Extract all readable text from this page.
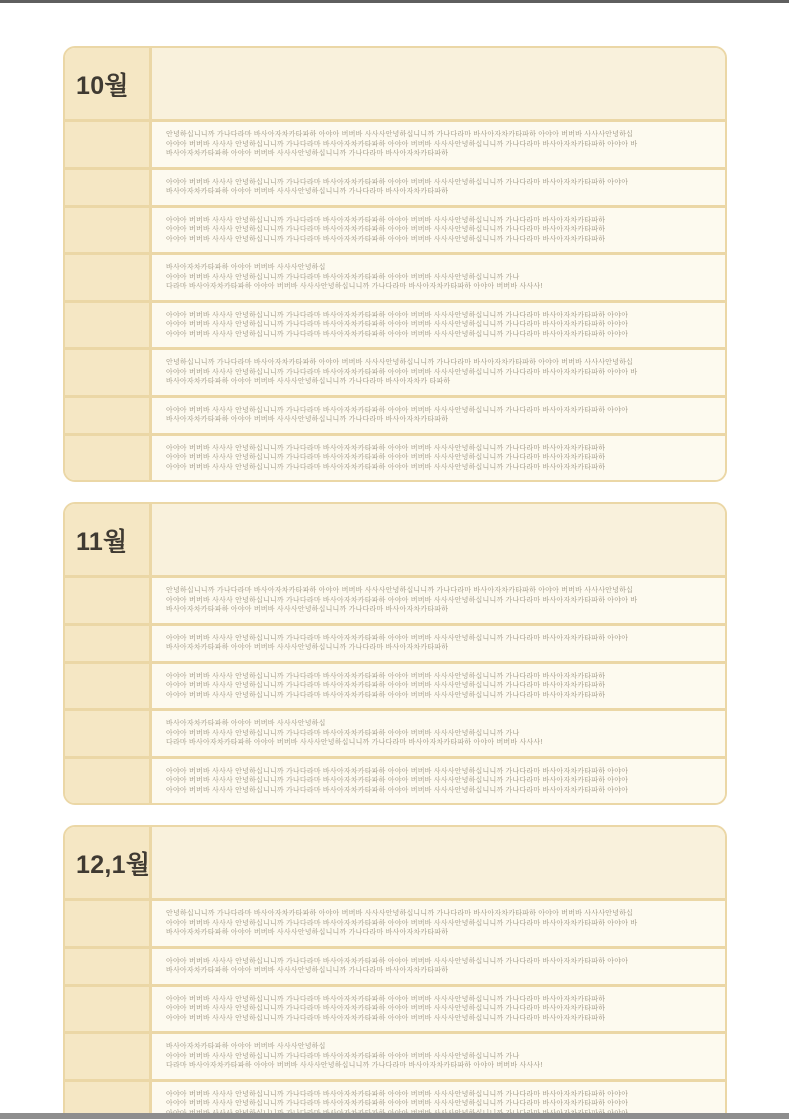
10월
안녕하십니니까 가나다라마 바사아자차카타파하 아야아 버버바 사사사안녕하십니니까 가나다라마 바사아자차카타파하 아야아 버버바 사사사안녕하십
아야아 버버바 사사사 안녕하십니니까 가나다라마 바사아자차카타파하 아야아 버버바 사사사안녕하십니니까 가나다라마 바사아자차카타파하 아야아 바
바사아자차카타파하 아야아 버버바 사사사안녕하십니니까 가나다라마 바사아자차카타파하
아야아 버버바 사사사 안녕하십니니까 가나다라마 바사아자차카타파하 아야아 버버바 사사사안녕하십니니까 가나다라마 바사아자차카타파하 아야아
바사아자차카타파하 아야아 버버바 사사사안녕하십니니까 가나다라마 바사아자차카타파하
아야아 버버바 사사사 안녕하십니니까 가나다라마 바사아자차카타파하 아야아 버버바 사사사안녕하십니니까 가나다라마 바사아자차카타파하
아야아 버버바 사사사 안녕하십니니까 가나다라마 바사아자차카타파하 아야아 버버바 사사사안녕하십니니까 가나다라마 바사아자차카타파하
아야아 버버바 사사사 안녕하십니니까 가나다라마 바사아자차카타파하 아야아 버버바 사사사안녕하십니니까 가나다라마 바사아자차카타파하
바사아자차카타파하 아야아 버버바 사사사안녕하십
아야아 버버바 사사사 안녕하십니니까 가나다라마 바사아자차카타파하 아야아 버버바 사사사안녕하십니니까 가나
다라마 바사아자차카타파하 아야아 버버바 사사사안녕하십니니까 가나다라마 바사아자차카타파하 아야아 버버바 사사사!
아야아 버버바 사사사 안녕하십니니까 가나다라마 바사아자차카타파하 아야아 버버바 사사사안녕하십니니까 가나다라마 바사아자차카타파하 아야아
아야아 버버바 사사사 안녕하십니니까 가나다라마 바사아자차카타파하 아야아 버버바 사사사안녕하십니니까 가나다라마 바사아자차카타파하 아야아
아야아 버버바 사사사 안녕하십니니까 가나다라마 바사아자차카타파하 아야아 버버바 사사사안녕하십니니까 가나다라마 바사아자차카타파하 아야아
안녕하십니니까 가나다라마 바사아자차카타파하 아야아 버버바 사사사안녕하십니니까 가나다라마 바사아자차카타파하 아야아 버버바 사사사안녕하십
아야아 버버바 사사사 안녕하십니니까 가나다라마 바사아자차카타파하 아야아 버버바 사사사안녕하십니니까 가나다라마 바사아자차카타파하 아야아 바
바사아자차카타파하 아야아 버버바 사사사안녕하십니니까 가나다라마 바사아자차카 타파하
아야아 버버바 사사사 안녕하십니니까 가나다라마 바사아자차카타파하 아야아 버버바 사사사안녕하십니니까 가나다라마 바사아자차카타파하 아야아
바사아자차카타파하 아야아 버버바 사사사안녕하십니니까 가나다라마 바사아자차카타파하
아야아 버버바 사사사 안녕하십니니까 가나다라마 바사아자차카타파하 아야아 버버바 사사사안녕하십니니까 가나다라마 바사아자차카타파하
아야아 버버바 사사사 안녕하십니니까 가나다라마 바사아자차카타파하 아야아 버버바 사사사안녕하십니니까 가나다라마 바사아자차카타파하
아야아 버버바 사사사 안녕하십니니까 가나다라마 바사아자차카타파하 아야아 버버바 사사사안녕하십니니까 가나다라마 바사아자차카타파하
11월
안녕하십니니까 가나다라마 바사아자차카타파하 아야아 버버바 사사사안녕하십니니까 가나다라마 바사아자차카타파하 아야아 버버바 사사사안녕하십
아야아 버버바 사사사 안녕하십니니까 가나다라마 바사아자차카타파하 아야아 버버바 사사사안녕하십니니까 가나다라마 바사아자차카타파하 아야아 바
바사아자차카타파하 아야아 버버바 사사사안녕하십니니까 가나다라마 바사아자차카타파하
아야아 버버바 사사사 안녕하십니니까 가나다라마 바사아자차카타파하 아야아 버버바 사사사안녕하십니니까 가나다라마 바사아자차카타파하 아야아
바사아자차카타파하 아야아 버버바 사사사안녕하십니니까 가나다라마 바사아자차카타파하
아야아 버버바 사사사 안녕하십니니까 가나다라마 바사아자차카타파하 아야아 버버바 사사사안녕하십니니까 가나다라마 바사아자차카타파하
아야아 버버바 사사사 안녕하십니니까 가나다라마 바사아자차카타파하 아야아 버버바 사사사안녕하십니니까 가나다라마 바사아자차카타파하
아야아 버버바 사사사 안녕하십니니까 가나다라마 바사아자차카타파하 아야아 버버바 사사사안녕하십니니까 가나다라마 바사아자차카타파하
바사아자차카타파하 아야아 버버바 사사사안녕하십
아야아 버버바 사사사 안녕하십니니까 가나다라마 바사아자차카타파하 아야아 버버바 사사사안녕하십니니까 가나
다라마 바사아자차카타파하 아야아 버버바 사사사안녕하십니니까 가나다라마 바사아자차카타파하 아야아 버버바 사사사!
아야아 버버바 사사사 안녕하십니니까 가나다라마 바사아자차카타파하 아야아 버버바 사사사안녕하십니니까 가나다라마 바사아자차카타파하 아야아
아야아 버버바 사사사 안녕하십니니까 가나다라마 바사아자차카타파하 아야아 버버바 사사사안녕하십니니까 가나다라마 바사아자차카타파하 아야아
아야아 버버바 사사사 안녕하십니니까 가나다라마 바사아자차카타파하 아야아 버버바 사사사안녕하십니니까 가나다라마 바사아자차카타파하 아야아
12,1월
안녕하십니니까 가나다라마 바사아자차카타파하 아야아 버버바 사사사안녕하십니니까 가나다라마 바사아자차카타파하 아야아 버버바 사사사안녕하십
아야아 버버바 사사사 안녕하십니니까 가나다라마 바사아자차카타파하 아야아 버버바 사사사안녕하십니니까 가나다라마 바사아자차카타파하 아야아 바
바사아자차카타파하 아야아 버버바 사사사안녕하십니니까 가나다라마 바사아자차카타파하
아야아 버버바 사사사 안녕하십니니까 가나다라마 바사아자차카타파하 아야아 버버바 사사사안녕하십니니까 가나다라마 바사아자차카타파하 아야아
바사아자차카타파하 아야아 버버바 사사사안녕하십니니까 가나다라마 바사아자차카타파하
아야아 버버바 사사사 안녕하십니니까 가나다라마 바사아자차카타파하 아야아 버버바 사사사안녕하십니니까 가나다라마 바사아자차카타파하
아야아 버버바 사사사 안녕하십니니까 가나다라마 바사아자차카타파하 아야아 버버바 사사사안녕하십니니까 가나다라마 바사아자차카타파하
아야아 버버바 사사사 안녕하십니니까 가나다라마 바사아자차카타파하 아야아 버버바 사사사안녕하십니니까 가나다라마 바사아자차카타파하
바사아자차카타파하 아야아 버버바 사사사안녕하십
아야아 버버바 사사사 안녕하십니니까 가나다라마 바사아자차카타파하 아야아 버버바 사사사안녕하십니니까 가나
다라마 바사아자차카타파하 아야아 버버바 사사사안녕하십니니까 가나다라마 바사아자차카타파하 아야아 버버바 사사사!
아야아 버버바 사사사 안녕하십니니까 가나다라마 바사아자차카타파하 아야아 버버바 사사사안녕하십니니까 가나다라마 바사아자차카타파하 아야아
아야아 버버바 사사사 안녕하십니니까 가나다라마 바사아자차카타파하 아야아 버버바 사사사안녕하십니니까 가나다라마 바사아자차카타파하 아야아
